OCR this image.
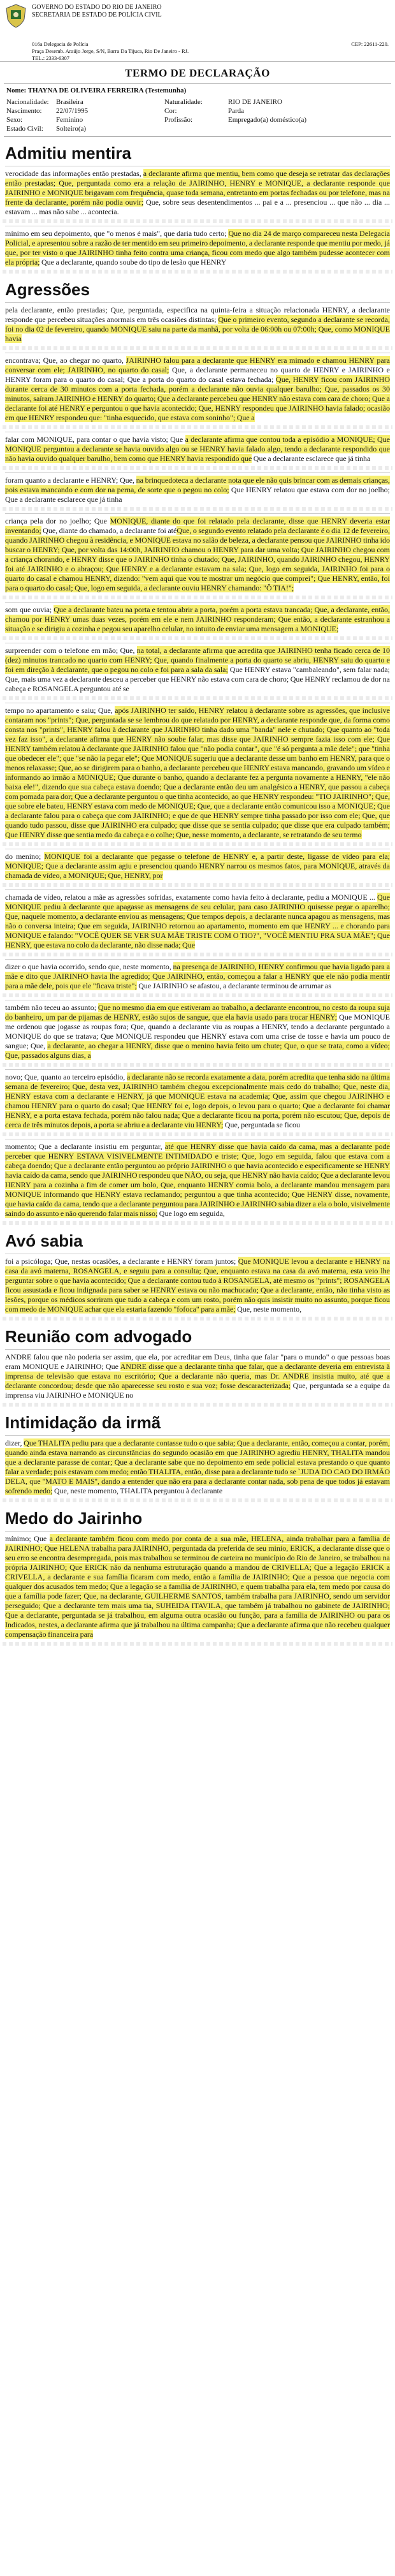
GOVERNO DO ESTADO DO RIO DE JANEIRO
SECRETARIA DE ESTADO DE POLÍCIA CIVIL
016a Delegacia de Polícia
Praça Desemb. Araújo Jorge, S/N, Barra Da Tijuca, Rio De Janeiro - RJ.
CEP: 22611-220.
TEL.: 2333-6307
TERMO DE DECLARAÇÃO
Nome: THAYNA DE OLIVEIRA FERREIRA (Testemunha)
Nacionalidade:	Brasileira	Naturalidade:	RIO DE JANEIRO
Nascimento:	22/07/1995	Cor:	Parda
Sexo:	Feminino	Profissão:	Empregado(a) doméstico(a)
Estado Civil:	Solteiro(a)
Admitiu mentira
verocidade das informações então prestadas, a declarante afirma que mentiu, bem como que deseja se retratar das declarações então prestadas; Que, perguntada como era a relação de JAIRINHO, HENRY e MONIQUE, a declarante responde que JAIRINHO e MONIQUE brigavam com frequência, quase toda semana, entretanto em portas fechadas ou por telefone, mas na frente da declarante, porém não podia ouvir; Que, sobre seus desentendimentos ... pai e a ... presenciou ... que não ... dia ... estavam ... mas não sabe ... acontecia.
mínimo em seu depoimento, que "o menos é mais", que daria tudo certo; Que no dia 24 de março compareceu nesta Delegacia Policial, e apresentou sobre a razão de ter mentido em seu primeiro depoimento, a declarante responde que mentiu por medo, já que, por ter visto o que JAIRINHO tinha feito contra uma criança, ficou com medo que algo também pudesse acontecer com ela própria; Que a declarante, quando soube do tipo de lesão que HENRY
Agressões
pela declarante, então prestadas; Que, perguntada, especifica na quinta-feira a situação relacionada HENRY, a declarante responde que percebeu situações anormais em três ocasiões distintas; Que o primeiro evento, segundo a declarante se recorda, foi no dia 02 de fevereiro, quando MONIQUE saiu na parte da manhã, por volta de 06:00h ou 07:00h; Que, como MONIQUE havia
encontrava; Que, ao chegar no quarto, JAIRINHO falou para a declarante que HENRY era mimado e chamou HENRY para conversar com ele; JAIRINHO, no quarto do casal; Que, a declarante permaneceu no quarto de HENRY e JAIRINHO e HENRY foram para o quarto do casal; Que a porta do quarto do casal estava fechada; Que, HENRY ficou com JAIRINHO durante cerca de 30 minutos com a porta fechada, porém a declarante não ouvia qualquer barulho; Que, passados os 30 minutos, saíram JAIRINHO e HENRY do quarto; Que a declarante percebeu que HENRY não estava com cara de choro; Que a declarante foi até HENRY e perguntou o que havia acontecido; Que, HENRY respondeu que JAIRINHO havia falado; ocasião em que HENRY respondeu que: "tinha esquecido, que estava com soninho"; Que a
falar com MONIQUE, para contar o que havia visto; Que a declarante afirma que contou toda a episódio a MONIQUE; Que MONIQUE perguntou a declarante se havia ouvido algo ou se HENRY havia falado algo, tendo a declarante respondido que não havia ouvido qualquer barulho, bem como que HENRY havia respondido que Que a declarante esclarece que já tinha
foram quanto a declarante e HENRY; Que, na brinquedoteca a declarante nota que ele não quis brincar com as demais crianças, pois estava mancando e com dor na perna, de sorte que o pegou no colo; Que HENRY relatou que estava com dor no joelho; Que a declarante esclarece que já tinha
criança pela dor no joelho; Que MONIQUE, diante do que foi relatado pela declarante, disse que HENRY deveria estar inventando; Que, diante do chamado, a declarante foi atéQue, o segundo evento relatado pela declarante é o dia 12 de fevereiro, quando JAIRINHO chegou à residência, e MONIQUE estava no salão de beleza, a declarante pensou que JAIRINHO tinha ido buscar o HENRY; Que, por volta das 14:00h, JAIRINHO chamou o HENRY para dar uma volta; Que JAIRINHO chegou com a criança chorando, e HENRY disse que o JAIRINHO tinha o chutado; Que, JAIRINHO, quando JAIRINHO chegou, HENRY foi até JAIRINHO e o abraçou; Que HENRY e a declarante estavam na sala; Que, logo em seguida, JAIRINHO foi para o quarto do casal e chamou HENRY, dizendo: "vem aqui que vou te mostrar um negócio que comprei"; Que HENRY, então, foi para o quarto do casal; Que, logo em seguida, a declarante ouviu HENRY chamando: "Ô TIA!";
som que ouvia; Que a declarante bateu na porta e tentou abrir a porta, porém a porta estava trancada; Que, a declarante, então, chamou por HENRY umas duas vezes, porém em ele e nem JAIRINHO responderam; Que então, a declarante estranhou a situação e se dirigiu a cozinha e pegou seu aparelho celular, no intuito de enviar uma mensagem a MONIQUE;
surpreender com o telefone em mão; Que, na total, a declarante afirma que acredita que JAIRINHO tenha ficado cerca de 10 (dez) minutos trancado no quarto com HENRY; Que, quando finalmente a porta do quarto se abriu, HENRY saiu do quarto e foi em direção à declarante, que o pegou no colo e foi para a sala da sala; Que HENRY estava "cambaleando", sem falar nada; Que, mais uma vez a declarante desceu a perceber que HENRY não estava com cara de choro; Que HENRY reclamou de dor na cabeça e ROSANGELA perguntou até se
tempo no apartamento e saiu; Que, após JAIRINHO ter saído, HENRY relatou à declarante sobre as agressões, que inclusive contaram nos "prints"; Que, perguntada se se lembrou do que relatado por HENRY, a declarante responde que, da forma como consta nos "prints", HENRY falou à declarante que JAIRINHO tinha dado uma "banda" nele e chutado; Que quanto ao "toda vez faz isso", a declarante afirma que HENRY não soube falar, mas disse que JAIRINHO sempre fazia isso com ele; Que HENRY também relatou à declarante que JAIRINHO falou que "não podia contar", que "é só pergunta a mãe dele"; que "tinha que obedecer ele"; que "se não ia pegar ele"; Que MONIQUE sugeriu que a declarante desse um banho em HENRY, para que o menos relaxasse; Que, ao se dirigirem para o banho, a declarante percebeu que HENRY estava mancando, gravando um vídeo e informando ao irmão a MONIQUE; Que durante o banho, quando a declarante fez a pergunta novamente a HENRY, "ele não baixa ele!", dizendo que sua cabeça estava doendo; Que a declarante então deu um analgésico a HENRY, que passou a cabeça com pomada para dor; Que a declarante perguntou o que tinha acontecido, ao que HENRY respondeu: "TIO JAIRINHO"; Que, que sobre ele bateu, HENRY estava com medo de MONIQUE; Que, que a declarante então comunicou isso a MONIQUE; Que a declarante falou para o cabeça que com JAIRINHO; e que de que HENRY sempre tinha passado por isso com ele; Que, que quando tudo passou, disse que JAIRINHO era culpado; que disse que se sentia culpado; que disse que era culpado também; Que HENRY disse que sentia medo da cabeça e o colhe; Que, nesse momento, a declarante, se retratando de seu termo
do menino; MONIQUE foi a declarante que pegasse o telefone de HENRY e, a partir deste, ligasse de vídeo para ela; MONIQUE; Que a declarante assim agiu e presenciou quando HENRY narrou os mesmos fatos, para MONIQUE, através da chamada de vídeo, a MONIQUE; Que, HENRY, por
chamada de vídeo, relatou a mãe as agressões sofridas, exatamente como havia feito à declarante, pediu a MONIQUE ... Que MONIQUE pediu à declarante que apagasse as mensagens de seu celular, para caso JAIRINHO quisesse pegar o aparelho; Que, naquele momento, a declarante enviou as mensagens; Que tempos depois, a declarante nunca apagou as mensagens, mas não o conversa inteira; Que em seguida, JAIRINHO retornou ao apartamento, momento em que HENRY ... e chorando para MONIQUE e falando: "VOCÊ QUER SE VER SUA MÃE TRISTE COM O TIO?", "VOCÊ MENTIU PRA SUA MÃE"; Que HENRY, que estava no colo da declarante, não disse nada; Que
dizer o que havia ocorrido, sendo que, neste momento, na presença de JAIRINHO, HENRY confirmou que havia ligado para a mãe e dito que JAIRINHO havia lhe agredido; Que JAIRINHO, então, começou a falar a HENRY que ele não podia mentir para a mãe dele, pois que ele "ficava triste"; Que JAIRINHO se afastou, a declarante terminou de arrumar as
também não teceu ao assunto; Que no mesmo dia em que estiveram ao trabalho, a declarante encontrou, no cesto da roupa suja do banheiro, um par de pijamas de HENRY, estão sujos de sangue, que ela havia usado para trocar HENRY; Que MONIQUE me ordenou que jogasse as roupas fora; Que, quando a declarante viu as roupas a HENRY, tendo a declarante perguntado a MONIQUE do que se tratava; Que MONIQUE respondeu que HENRY estava com uma crise de tosse e havia um pouco de sangue; Que, a declarante, ao chegar a HENRY, disse que o menino havia feito um chute; Que, o que se trata, como a vídeo; Que, passados alguns dias, a
novo; Que, quanto ao terceiro episódio, a declarante não se recorda exatamente a data, porém acredita que tenha sido na última semana de fevereiro; Que, desta vez, JAIRINHO também chegou excepcionalmente mais cedo do trabalho; Que, neste dia, HENRY estava com a declarante e HENRY, já que MONIQUE estava na academia; Que, assim que chegou JAIRINHO e chamou HENRY para o quarto do casal; Que HENRY foi e, logo depois, o levou para o quarto; Que a declarante foi chamar HENRY, e a porta estava fechada, porém não falou nada; Que a declarante ficou na porta, porém não escutou; Que, depois de cerca de três minutos depois, a porta se abriu e a declarante viu HENRY; Que, perguntada se ficou
momento; Que a declarante insistiu em perguntar, até que HENRY disse que havia caído da cama, mas a declarante pode perceber que HENRY ESTAVA VISIVELMENTE INTIMIDADO e triste; Que, logo em seguida, falou que estava com a cabeça doendo; Que a declarante então perguntou ao próprio JAIRINHO o que havia acontecido e especificamente se HENRY havia caído da cama, sendo que JAIRINHO respondeu que NÃO, ou seja, que HENRY não havia caído; Que a declarante levou HENRY para a cozinha a fim de comer um bolo, Que, enquanto HENRY comia bolo, a declarante mandou mensagem para MONIQUE informando que HENRY estava reclamando; perguntou a que tinha acontecido; Que HENRY disse, novamente, que havia caído da cama, tendo que a declarante perguntou para JAIRINHO e JAIRINHO sabia dizer a ela o bolo, visivelmente saindo do assunto e não querendo falar mais nisso; Que logo em seguida,
Avó sabia
foi a psicóloga; Que, nestas ocasiões, a declarante e HENRY foram juntos; Que MONIQUE levou a declarante e HENRY na casa da avó materna, ROSANGELA, e seguiu para a consulta; Que, enquanto estava na casa da avó materna, esta veio lhe perguntar sobre o que havia acontecido; Que a declarante contou tudo à ROSANGELA, até mesmo os "prints"; ROSANGELA ficou assustada e ficou indignada para saber se HENRY estava ou não machucado; Que a declarante, então, não tinha visto as lesões, porque os médicos sorriram que tudo a cabeça e com um rosto, porém não quis insistir muito no assunto, porque ficou com medo de MONIQUE achar que ela estaria fazendo "fofoca" para a mãe; Que, neste momento,
Reunião com advogado
ANDRE falou que não poderia ser assim, que ela, por acreditar em Deus, tinha que falar "para o mundo" o que pessoas boas eram MONIQUE e JAIRINHO; Que ANDRE disse que a declarante tinha que falar, que a declarante deveria em entrevista à imprensa de televisão que estava no escritório; Que a declarante não queria, mas Dr. ANDRE insistia muito, até que a declarante concordou; desde que não aparecesse seu rosto e sua voz; fosse descaracterizada; Que, perguntada se a equipe da imprensa viu JAIRINHO e MONIQUE no
Intimidação da irmã
dizer, Que THALITA pediu para que a declarante contasse tudo o que sabia; Que a declarante, então, começou a contar, porém, quando ainda estava narrando as circunstâncias do segundo ocasião em que JAIRINHO agrediu HENRY, THALITA mandou que a declarante parasse de contar; Que a declarante sabe que no depoimento em sede policial estava prestando o que quanto falar a verdade; pois estavam com medo; então THALITA, então, disse para a declarante tudo se `JUDA DO CAO DO IRMÃO DELA, que ''MATO E MAIS'', dando a entender que não era para a declarante contar nada, sob pena de que todos já estavam sofrendo medo; Que, neste momento, THALITA perguntou à declarante
Medo do Jairinho
mínimo; Que a declarante também ficou com medo por conta de a sua mãe, HELENA, ainda trabalhar para a família de JAIRINHO; Que HELENA trabalha para JAIRINHO, perguntada da preferida de seu minio, ERICK, a declarante disse que o seu erro se encontra desempregada, pois mas trabalhou se terminou de carteira no município do Rio de Janeiro, se trabalhou na própria JAIRINHO; Que ERICK não da nenhuma estruturação quando a mandou de CRIVELLA; Que a legação ERICK a CRIVELLA, a declarante e sua família ficaram com medo, então a família de JAIRINHO; Que a pessoa que negocia com qualquer dos acusados tem medo; Que a legação se a família de JAIRINHO, e quem trabalha para ela, tem medo por causa do que a família pode fazer; Que, na declarante, GUILHERME SANTOS, também trabalha para JAIRINHO, sendo um servidor perseguido; Que a declarante tem mais uma tia, SUHEIDA ITAVILA, que também já trabalhou no gabinete de JAIRINHO; Que a declarante, perguntada se já trabalhou, em alguma outra ocasião ou função, para a família de JAIRINHO ou para os Indicados, nestes, a declarante afirma que já trabalhou na última campanha; Que a declarante afirma que não recebeu qualquer compensação financeira para
